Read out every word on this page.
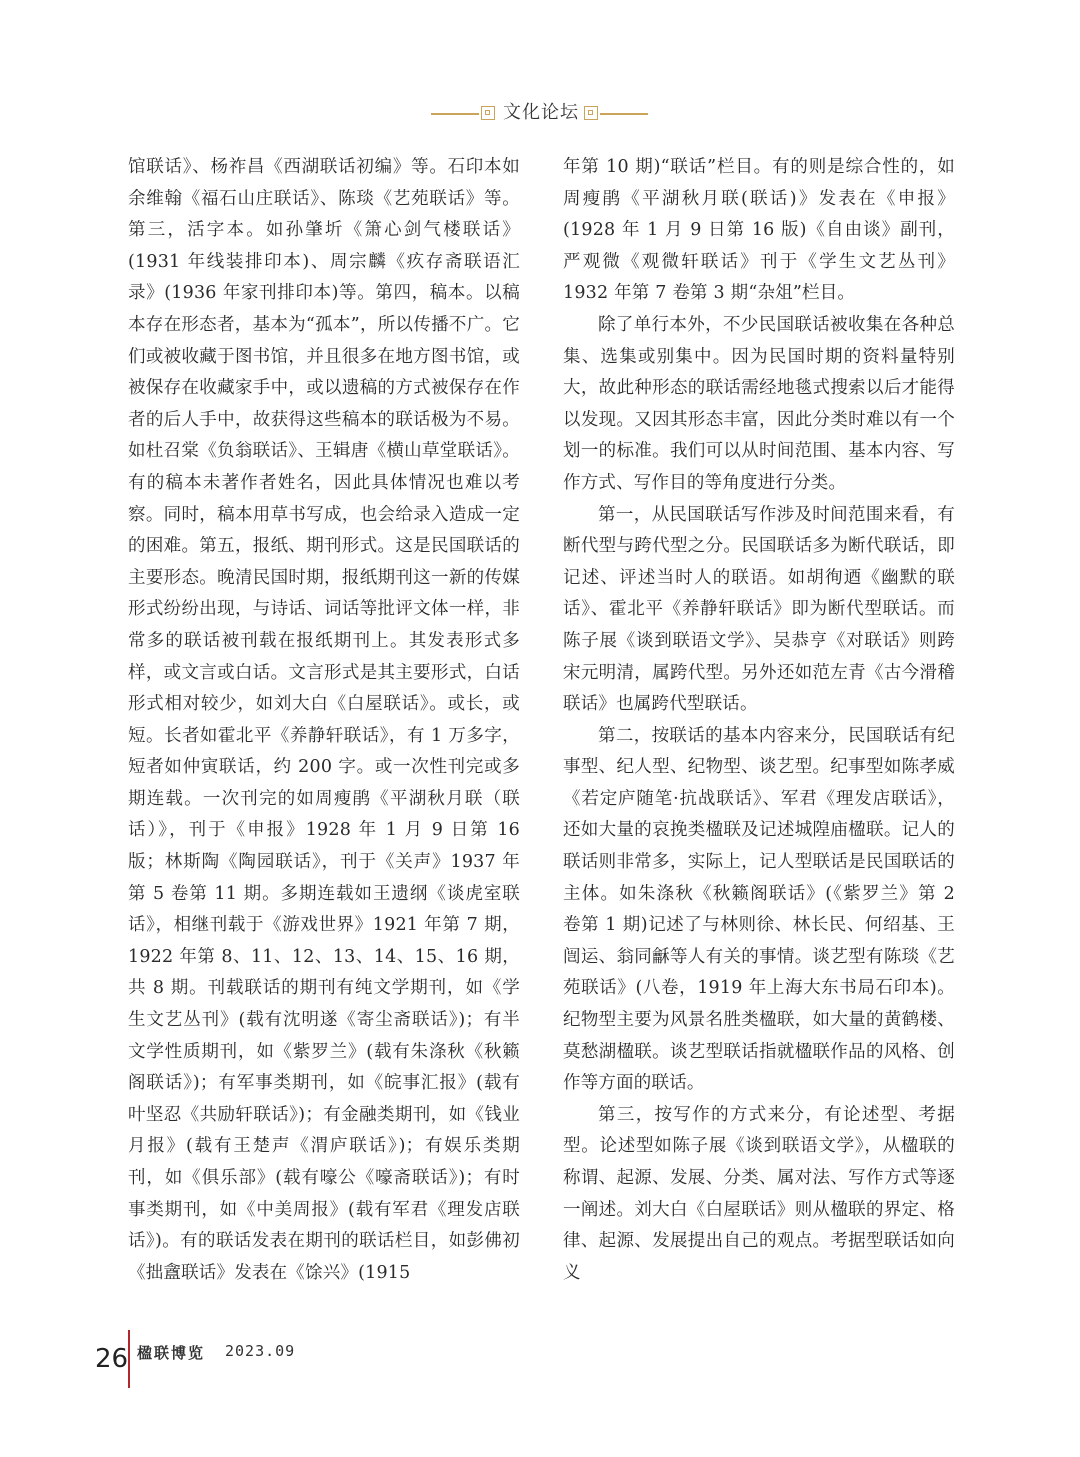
文化论坛

馆联话》、杨祚昌《西湖联话初编》等。石印本如余维翰《福石山庄联话》、陈琰《艺苑联话》等。第三，活字本。如孙肇圻《箫心剑气楼联话》(1931 年线装排印本)、周宗麟《疚存斋联语汇录》(1936 年家刊排印本)等。第四，稿本。以稿本存在形态者，基本为“孤本”，所以传播不广。它们或被收藏于图书馆，并且很多在地方图书馆，或被保存在收藏家手中，或以遗稿的方式被保存在作者的后人手中，故获得这些稿本的联话极为不易。如杜召棠《负翁联话》、王辑唐《横山草堂联话》。有的稿本未著作者姓名，因此具体情况也难以考察。同时，稿本用草书写成，也会给录入造成一定的困难。第五，报纸、期刊形式。这是民国联话的主要形态。晚清民国时期，报纸期刊这一新的传媒形式纷纷出现，与诗话、词话等批评文体一样，非常多的联话被刊载在报纸期刊上。其发表形式多样，或文言或白话。文言形式是其主要形式，白话形式相对较少，如刘大白《白屋联话》。或长，或短。长者如霍北平《养静轩联话》，有 1 万多字，短者如仲寅联话，约 200 字。或一次性刊完或多期连载。一次刊完的如周瘦鹃《平湖秋月联（联话）》，刊于《申报》1928 年 1 月 9 日第 16 版；林斯陶《陶园联话》，刊于《关声》1937 年第 5 卷第 11 期。多期连载如王遗纲《谈虎室联话》，相继刊载于《游戏世界》1921 年第 7 期，1922 年第 8、11、12、13、14、15、16 期，共 8 期。刊载联话的期刊有纯文学期刊，如《学生文艺丛刊》(载有沈明遂《寄尘斋联话》)；有半文学性质期刊，如《紫罗兰》(载有朱涤秋《秋籁阁联话》)；有军事类期刊，如《皖事汇报》(载有叶坚忍《共励轩联话》)；有金融类期刊，如《钱业月报》(载有王楚声《渭庐联话》)；有娱乐类期刊，如《俱乐部》(载有嚎公《嚎斋联话》)；有时事类期刊，如《中美周报》(载有军君《理发店联话》)。有的联话发表在期刊的联话栏目，如彭佛初《拙盦联话》发表在《馀兴》(1915

年第 10 期)“联话”栏目。有的则是综合性的，如周瘦鹃《平湖秋月联(联话)》发表在《申报》(1928 年 1 月 9 日第 16 版)《自由谈》副刊，严观微《观微轩联话》刊于《学生文艺丛刊》1932 年第 7 卷第 3 期“杂俎”栏目。

除了单行本外，不少民国联话被收集在各种总集、选集或别集中。因为民国时期的资料量特别大，故此种形态的联话需经地毯式搜索以后才能得以发现。又因其形态丰富，因此分类时难以有一个划一的标准。我们可以从时间范围、基本内容、写作方式、写作目的等角度进行分类。

第一，从民国联话写作涉及时间范围来看，有断代型与跨代型之分。民国联话多为断代联话，即记述、评述当时人的联语。如胡徇迺《幽默的联话》、霍北平《养静轩联话》即为断代型联话。而陈子展《谈到联语文学》、吴恭亨《对联话》则跨宋元明清，属跨代型。另外还如范左青《古今滑稽联话》也属跨代型联话。

第二，按联话的基本内容来分，民国联话有纪事型、纪人型、纪物型、谈艺型。纪事型如陈孝威《若定庐随笔·抗战联话》、军君《理发店联话》，还如大量的哀挽类楹联及记述城隍庙楹联。记人的联话则非常多，实际上，记人型联话是民国联话的主体。如朱涤秋《秋籁阁联话》(《紫罗兰》第 2 卷第 1 期)记述了与林则徐、林长民、何绍基、王闿运、翁同龢等人有关的事情。谈艺型有陈琰《艺苑联话》(八卷，1919 年上海大东书局石印本)。纪物型主要为风景名胜类楹联，如大量的黄鹤楼、莫愁湖楹联。谈艺型联话指就楹联作品的风格、创作等方面的联话。

第三，按写作的方式来分，有论述型、考据型。论述型如陈子展《谈到联语文学》，从楹联的称谓、起源、发展、分类、属对法、写作方式等逐一阐述。刘大白《白屋联话》则从楹联的界定、格律、起源、发展提出自己的观点。考据型联话如向义

26 楹联博览 2023.09
